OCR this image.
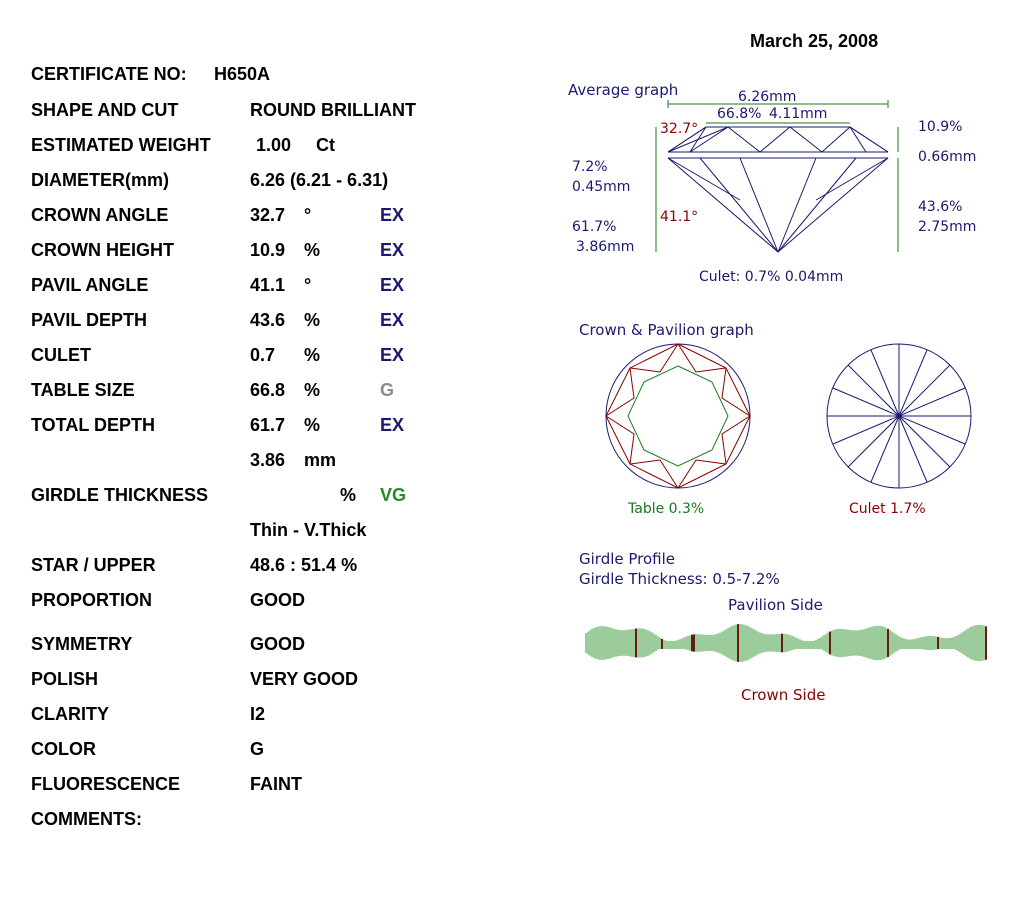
March 25, 2008
CERTIFICATE NO: H650A
SHAPE AND CUT	ROUND BRILLIANT
ESTIMATED WEIGHT	1.00 Ct
DIAMETER(mm)	6.26 (6.21 - 6.31)
CROWN ANGLE	32.7 °	EX
CROWN HEIGHT	10.9 %	EX
PAVIL ANGLE	41.1 °	EX
PAVIL DEPTH	43.6 %	EX
CULET	0.7 %	EX
TABLE SIZE	66.8 %	G
TOTAL DEPTH	61.7 %	EX
3.86 mm
GIRDLE THICKNESS	% VG
Thin - V.Thick
STAR / UPPER	48.6 : 51.4 %
PROPORTION	GOOD
SYMMETRY	GOOD
POLISH	VERY GOOD
CLARITY	I2
COLOR	G
FLUORESCENCE	FAINT
COMMENTS:
Average graph	6.26mm
66.8% 4.11mm
32.7°	10.9%
0.66mm
7.2%
0.45mm
41.1°
61.7%
3.86mm
43.6%
2.75mm
Culet: 0.7% 0.04mm
Crown & Pavilion graph
Table 0.3%	Culet 1.7%
Girdle Profile
Girdle Thickness: 0.5-7.2%
Pavilion Side
Crown Side
